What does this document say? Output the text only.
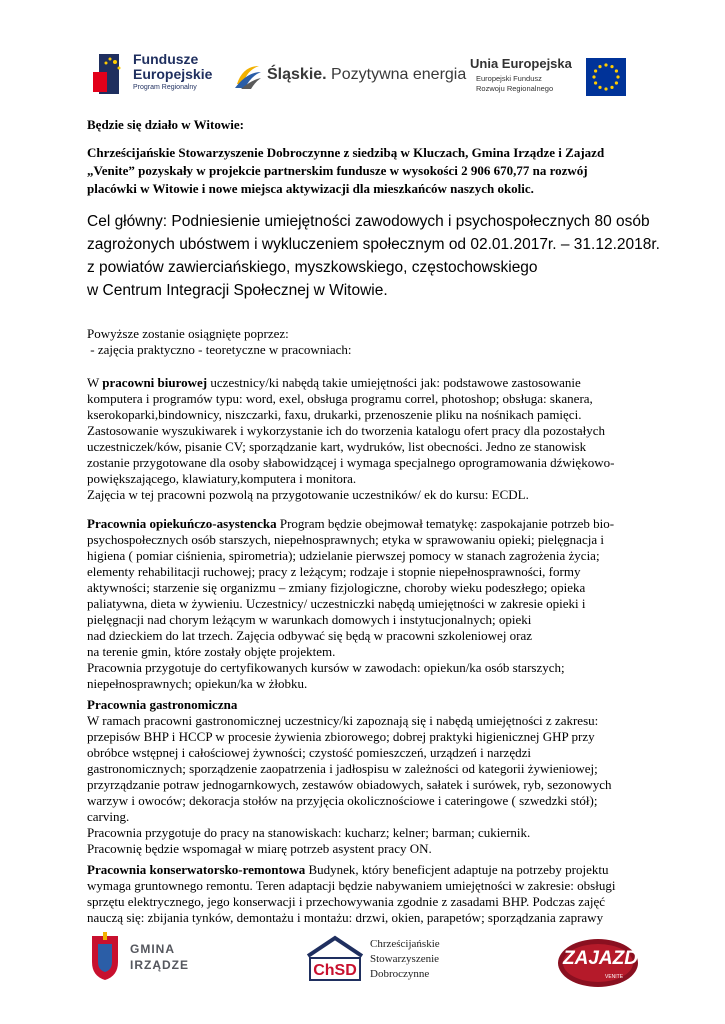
Fundusze
Europejskie
Program Regionalny
Śląskie. Pozytywna energia
Unia Europejska
Europejski Fundusz
Rozwoju Regionalnego
Będzie się działo w Witowie:
Chrześcijańskie Stowarzyszenie Dobroczynne z siedzibą w Kluczach, Gmina Irządze i Zajazd
„Venite” pozyskały w projekcie partnerskim fundusze w wysokości 2 906 670,77 na rozwój
placówki w Witowie i nowe miejsca aktywizacji dla mieszkańców naszych okolic.
Cel główny: Podniesienie umiejętności zawodowych i psychospołecznych 80 osób
zagrożonych ubóstwem i wykluczeniem społecznym od 02.01.2017r. – 31.12.2018r.
z powiatów zawierciańskiego, myszkowskiego, częstochowskiego
w Centrum Integracji Społecznej w Witowie.
Powyższe zostanie osiągnięte poprzez:
- zajęcia praktyczno - teoretyczne w pracowniach:
W pracowni biurowej uczestnicy/ki nabędą takie umiejętności jak: podstawowe zastosowanie
komputera i programów typu: word, exel, obsługa programu correl, photoshop; obsługa: skanera,
kserokoparki,bindownicy, niszczarki, faxu, drukarki, przenoszenie pliku na nośnikach pamięci.
Zastosowanie wyszukiwarek i wykorzystanie ich do tworzenia katalogu ofert pracy dla pozostałych
uczestniczek/ków, pisanie CV; sporządzanie kart, wydruków, list obecności. Jedno ze stanowisk
zostanie przygotowane dla osoby słabowidzącej i wymaga specjalnego oprogramowania dźwiękowo-
powiększającego, klawiatury,komputera i monitora.
Zajęcia w tej pracowni pozwolą na przygotowanie uczestników/ ek do kursu: ECDL.
Pracownia opiekuńczo-asystencka Program będzie obejmował tematykę: zaspokajanie potrzeb bio-
psychospołecznych osób starszych, niepełnosprawnych; etyka w sprawowaniu opieki; pielęgnacja i
higiena ( pomiar ciśnienia, spirometria); udzielanie pierwszej pomocy w stanach zagrożenia życia;
elementy rehabilitacji ruchowej; pracy z leżącym; rodzaje i stopnie niepełnosprawności, formy
aktywności; starzenie się organizmu – zmiany fizjologiczne, choroby wieku podeszłego; opieka
paliatywna, dieta w żywieniu. Uczestnicy/ uczestniczki nabędą umiejętności w zakresie opieki i
pielęgnacji nad chorym leżącym w warunkach domowych i instytucjonalnych; opieki
nad dzieckiem do lat trzech. Zajęcia odbywać się będą w pracowni szkoleniowej oraz
na terenie gmin, które zostały objęte projektem.
Pracownia przygotuje do certyfikowanych kursów w zawodach: opiekun/ka osób starszych;
niepełnosprawnych; opiekun/ka w żłobku.
Pracownia gastronomiczna
W ramach pracowni gastronomicznej uczestnicy/ki zapoznają się i nabędą umiejętności z zakresu:
przepisów BHP i HCCP w procesie żywienia zbiorowego; dobrej praktyki higienicznej GHP przy
obróbce wstępnej i całościowej żywności; czystość pomieszczeń, urządzeń i narzędzi
gastronomicznych; sporządzenie zaopatrzenia i jadłospisu w zależności od kategorii żywieniowej;
przyrządzanie potraw jednogarnkowych, zestawów obiadowych, sałatek i surówek, ryb, sezonowych
warzyw i owoców; dekoracja stołów na przyjęcia okolicznościowe i cateringowe ( szwedzki stół);
carving.
Pracownia przygotuje do pracy na stanowiskach: kucharz; kelner; barman; cukiernik.
Pracownię będzie wspomagał w miarę potrzeb asystent pracy ON.
Pracownia konserwatorsko-remontowa Budynek, który beneficjent adaptuje na potrzeby projektu
wymaga gruntownego remontu. Teren adaptacji będzie nabywaniem umiejętności w zakresie: obsługi
sprzętu elektrycznego, jego konserwacji i przechowywania zgodnie z zasadami BHP. Podczas zajęć
nauczą się: zbijania tynków, demontażu i montażu: drzwi, okien, parapetów; sporządzania zaprawy
GMINA
IRZĄDZE	ChSD
Chrześcijańskie
Stowarzyszenie
Dobroczynne
ZAJAZD
VENITE
